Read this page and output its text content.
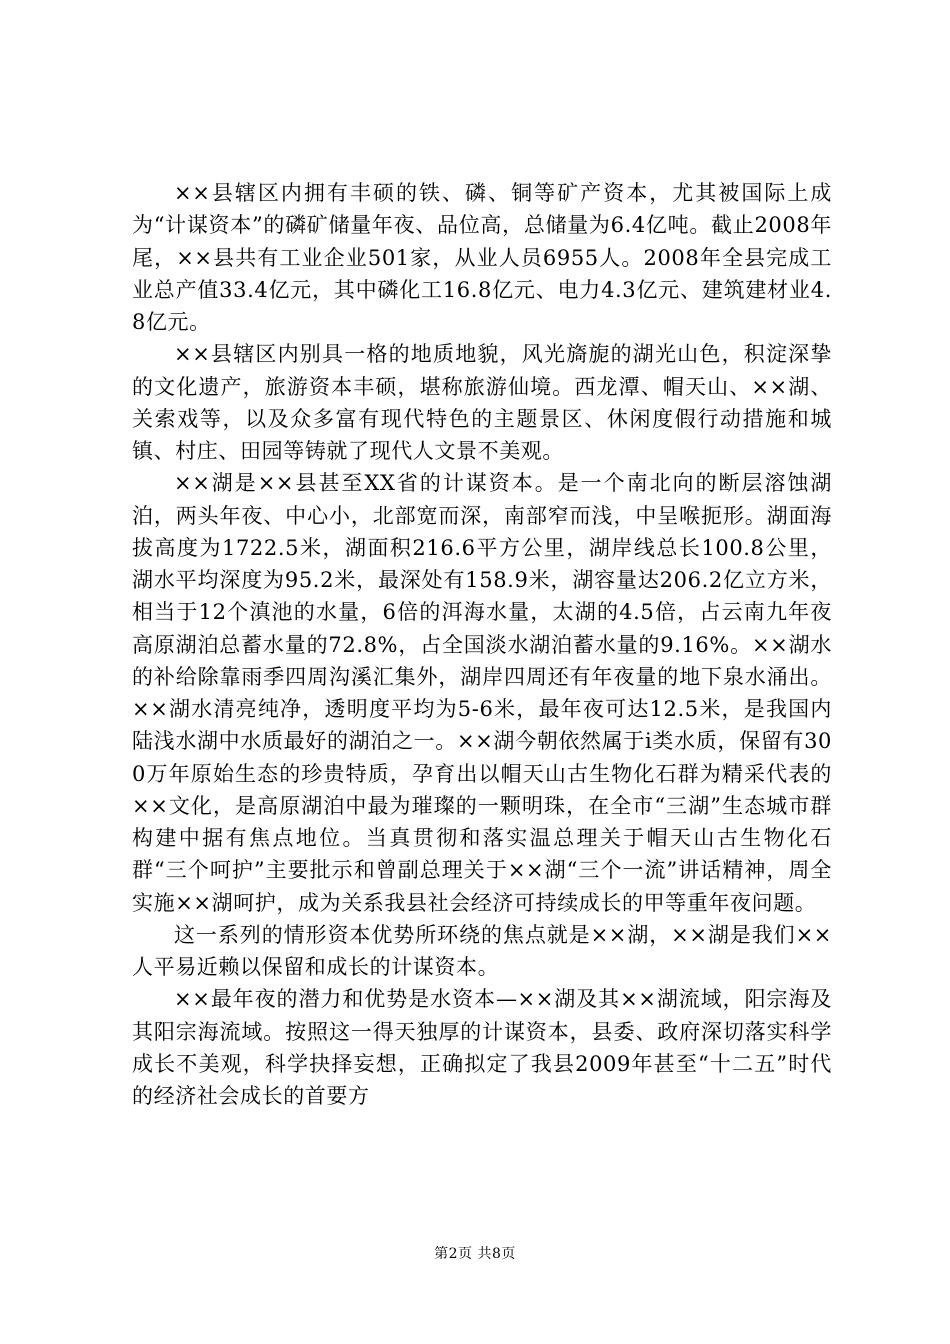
××县辖区内拥有丰硕的铁、磷、铜等矿产资本，尤其被国际上成为“计谋资本”的磷矿储量年夜、品位高，总储量为6.4亿吨。截止2008年尾，××县共有工业企业501家，从业人员6955人。2008年全县完成工业总产值33.4亿元，其中磷化工16.8亿元、电力4.3亿元、建筑建材业4.8亿元。

××县辖区内别具一格的地质地貌，风光旖旎的湖光山色，积淀深挚的文化遗产，旅游资本丰硕，堪称旅游仙境。西龙潭、帽天山、××湖、关索戏等，以及众多富有现代特色的主题景区、休闲度假行动措施和城镇、村庄、田园等铸就了现代人文景不美观。

××湖是××县甚至XX省的计谋资本。是一个南北向的断层溶蚀湖泊，两头年夜、中心小，北部宽而深，南部窄而浅，中呈喉扼形。湖面海拔高度为1722.5米，湖面积216.6平方公里，湖岸线总长100.8公里，湖水平均深度为95.2米，最深处有158.9米，湖容量达206.2亿立方米，相当于12个滇池的水量，6倍的洱海水量，太湖的4.5倍，占云南九年夜高原湖泊总蓄水量的72.8%，占全国淡水湖泊蓄水量的9.16%。××湖水的补给除靠雨季四周沟溪汇集外，湖岸四周还有年夜量的地下泉水涌出。××湖水清亮纯净，透明度平均为5-6米，最年夜可达12.5米，是我国内陆浅水湖中水质最好的湖泊之一。××湖今朝依然属于i类水质，保留有300万年原始生态的珍贵特质，孕育出以帽天山古生物化石群为精采代表的××文化，是高原湖泊中最为璀璨的一颗明珠，在全市“三湖”生态城市群构建中据有焦点地位。当真贯彻和落实温总理关于帽天山古生物化石群“三个呵护”主要批示和曾副总理关于××湖“三个一流”讲话精神，周全实施××湖呵护，成为关系我县社会经济可持续成长的甲等重年夜问题。

这一系列的情形资本优势所环绕的焦点就是××湖，××湖是我们××人平易近赖以保留和成长的计谋资本。

××最年夜的潜力和优势是水资本—××湖及其××湖流域，阳宗海及其阳宗海流域。按照这一得天独厚的计谋资本，县委、政府深切落实科学成长不美观，科学抉择妄想，正确拟定了我县2009年甚至“十二五”时代的经济社会成长的首要方

第2页 共8页
